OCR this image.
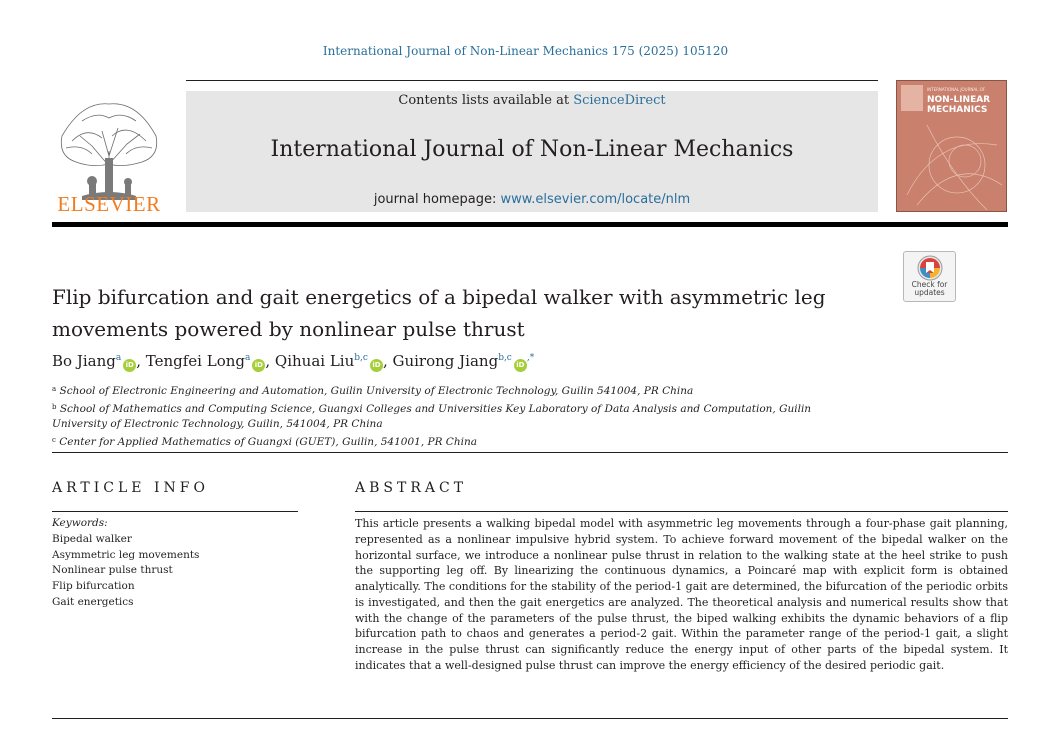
International Journal of Non-Linear Mechanics 175 (2025) 105120
ELSEVIER
Contents lists available at ScienceDirect
International Journal of Non-Linear Mechanics
journal homepage: www.elsevier.com/locate/nlm
INTERNATIONAL JOURNAL OF
NON-LINEAR MECHANICS
Check for
updates
Flip bifurcation and gait energetics of a bipedal walker with asymmetric leg movements powered by nonlinear pulse thrust
Bo Jiang$^a$iD , Tengfei Long$^a$iD , Qihuai Liu$^{b,c}$iD , Guirong Jiang$^{b,c}$iD,*
$^a$ School of Electronic Engineering and Automation, Guilin University of Electronic Technology, Guilin 541004, PR China
$^b$ School of Mathematics and Computing Science, Guangxi Colleges and Universities Key Laboratory of Data Analysis and Computation, Guilin University of Electronic Technology, Guilin, 541004, PR China
$^c$ Center for Applied Mathematics of Guangxi (GUET), Guilin, 541001, PR China
ARTICLE INFO	ABSTRACT
Keywords:
Bipedal walker
Asymmetric leg movements
Nonlinear pulse thrust
Flip bifurcation
Gait energetics

This article presents a walking bipedal model with asymmetric leg movements through a four-phase gait planning, represented as a nonlinear impulsive hybrid system. To achieve forward movement of the bipedal walker on the horizontal surface, we introduce a nonlinear pulse thrust in relation to the walking state at the heel strike to push the supporting leg off. By linearizing the continuous dynamics, a Poincaré map with explicit form is obtained analytically. The conditions for the stability of the period-1 gait are determined, the bifurcation of the periodic orbits is investigated, and then the gait energetics are analyzed. The theoretical analysis and numerical results show that with the change of the parameters of the pulse thrust, the biped walking exhibits the dynamic behaviors of a flip bifurcation path to chaos and generates a period-2 gait. Within the parameter range of the period-1 gait, a slight increase in the pulse thrust can significantly reduce the energy input of other parts of the bipedal system. It indicates that a well-designed pulse thrust can improve the energy efficiency of the desired periodic gait.
